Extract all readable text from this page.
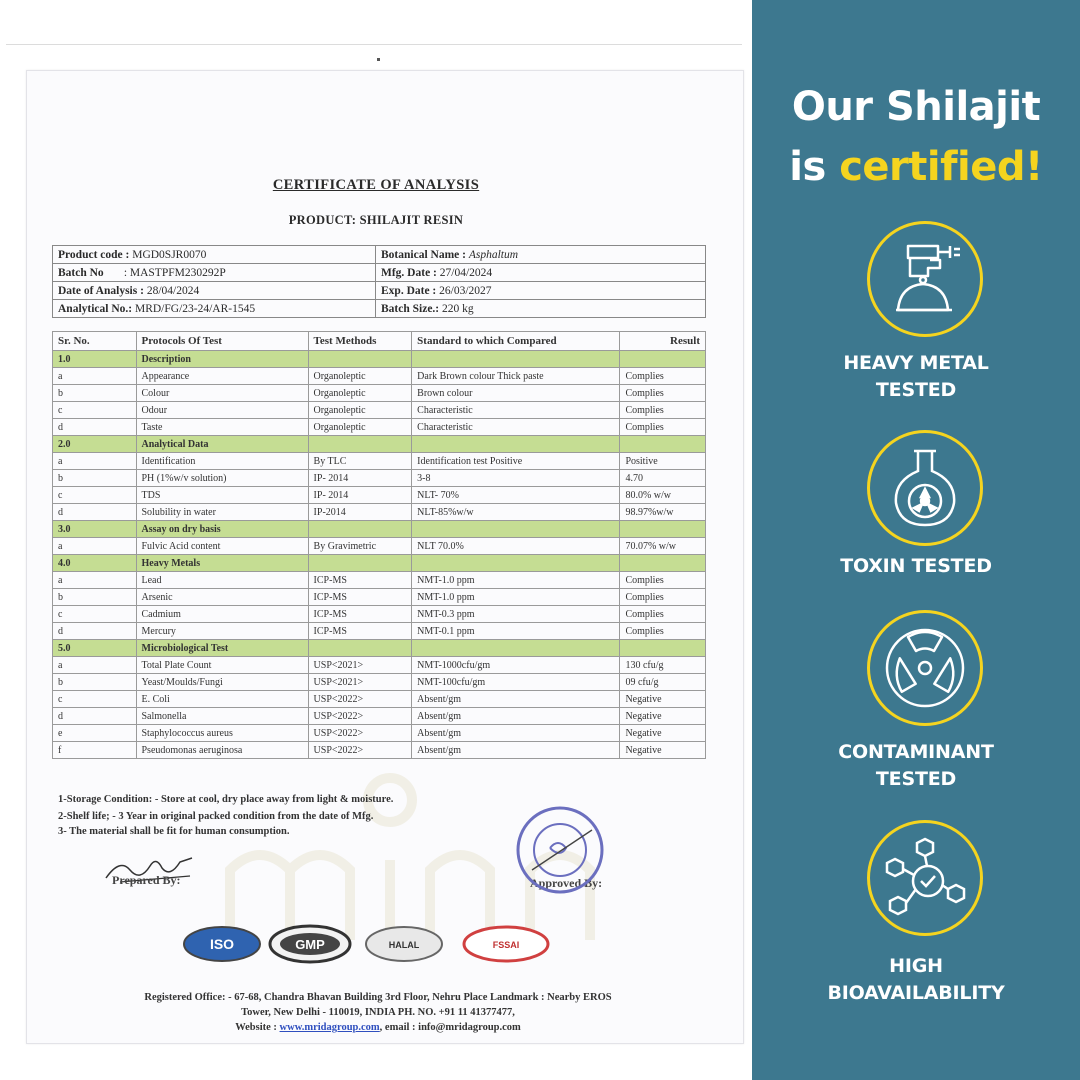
CERTIFICATE OF ANALYSIS
PRODUCT: SHILAJIT RESIN
Product code : MGD0SJR0070	Botanical Name : Asphaltum
Batch No : MASTPFM230292P	Mfg. Date : 27/04/2024
Date of Analysis : 28/04/2024	Exp. Date : 26/03/2027
Analytical No.: MRD/FG/23-24/AR-1545	Batch Size.: 220 kg
Sr. No.	Protocols Of Test	Test Methods	Standard to which Compared	Result
1.0	Description			
a	Appearance	Organoleptic	Dark Brown colour Thick paste	Complies
b	Colour	Organoleptic	Brown colour	Complies
c	Odour	Organoleptic	Characteristic	Complies
d	Taste	Organoleptic	Characteristic	Complies
2.0	Analytical Data			
a	Identification	By TLC	Identification test Positive	Positive
b	PH (1%w/v solution)	IP- 2014	3-8	4.70
c	TDS	IP- 2014	NLT- 70%	80.0% w/w
d	Solubility in water	IP-2014	NLT-85%w/w	98.97%w/w
3.0	Assay on dry basis			
a	Fulvic Acid content	By Gravimetric	NLT 70.0%	70.07% w/w
4.0	Heavy Metals			
a	Lead	ICP-MS	NMT-1.0 ppm	Complies
b	Arsenic	ICP-MS	NMT-1.0 ppm	Complies
c	Cadmium	ICP-MS	NMT-0.3 ppm	Complies
d	Mercury	ICP-MS	NMT-0.1 ppm	Complies
5.0	Microbiological Test			
a	Total Plate Count	USP<2021>	NMT-1000cfu/gm	130 cfu/g
b	Yeast/Moulds/Fungi	USP<2021>	NMT-100cfu/gm	09 cfu/g
c	E. Coli	USP<2022>	Absent/gm	Negative
d	Salmonella	USP<2022>	Absent/gm	Negative
e	Staphylococcus aureus	USP<2022>	Absent/gm	Negative
f	Pseudomonas aeruginosa	USP<2022>	Absent/gm	Negative
1-Storage Condition: - Store at cool, dry place away from light & moisture.
2-Shelf life; - 3 Year in original packed condition from the date of Mfg.
3- The material shall be fit for human consumption.
Prepared By:	Approved By:
ISO	GMP	HALAL	FSSAI
Registered Office: - 67-68, Chandra Bhavan Building 3rd Floor, Nehru Place Landmark : Nearby EROS
Tower, New Delhi - 110019, INDIA PH. NO. +91 11 41377477,
Website : www.mridagroup.com, email : info@mridagroup.com
Our Shilajit
is certified!
HEAVY METAL
TESTED
TOXIN TESTED
CONTAMINANT
TESTED
HIGH
BIOAVAILABILITY
